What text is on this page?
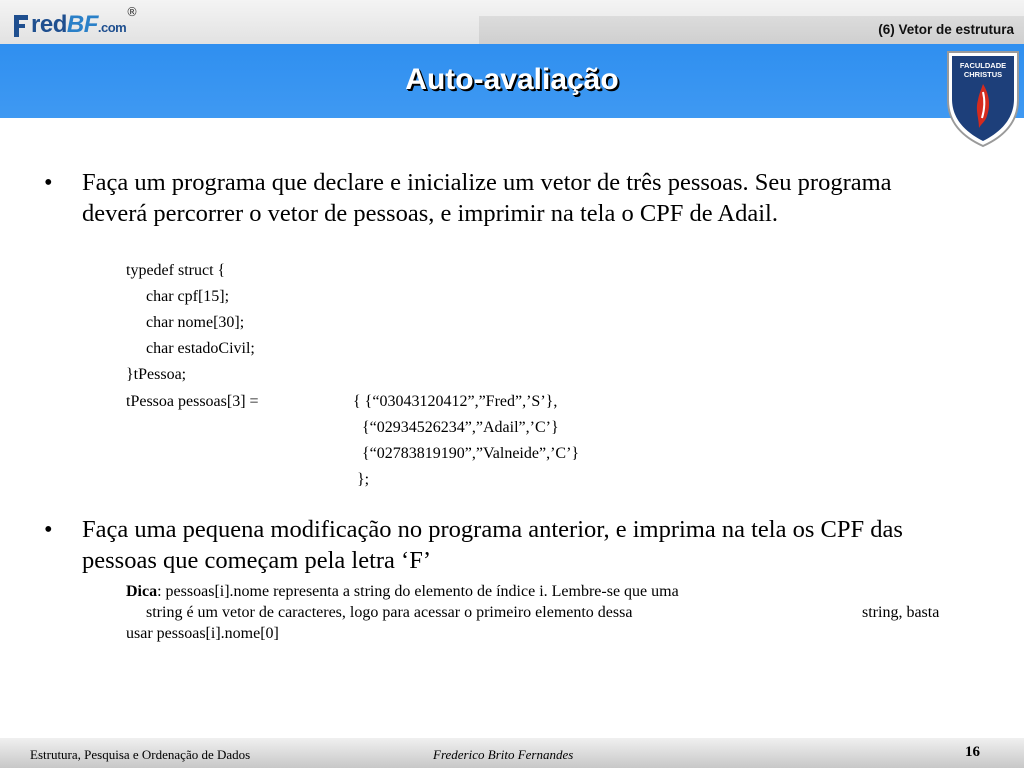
redBF.com
®
(6) Vetor de estrutura
Auto-avaliação	FACULDADE
CHRISTUS
• Faça um programa que declare e inicialize um vetor de três pessoas. Seu programa deverá percorrer o vetor de pessoas, e imprimir na tela o CPF de Adail.
typedef struct {
char cpf[15];
char nome[30];
char estadoCivil;
}tPessoa;
tPessoa pessoas[3] =	{ {“03043120412”,”Fred”,’S’},
{“02934526234”,”Adail”,’C’}
{“02783819190”,”Valneide”,’C’}
};
• Faça uma pequena modificação no programa anterior, e imprima na tela os CPF das pessoas que começam pela letra ‘F’
Dica: pessoas[i].nome representa a string do elemento de índice i. Lembre-se que uma
string é um vetor de caracteres, logo para acessar o primeiro elemento dessa	string, basta
usar pessoas[i].nome[0]
Estrutura, Pesquisa e Ordenação de Dados	Frederico Brito Fernandes	16
